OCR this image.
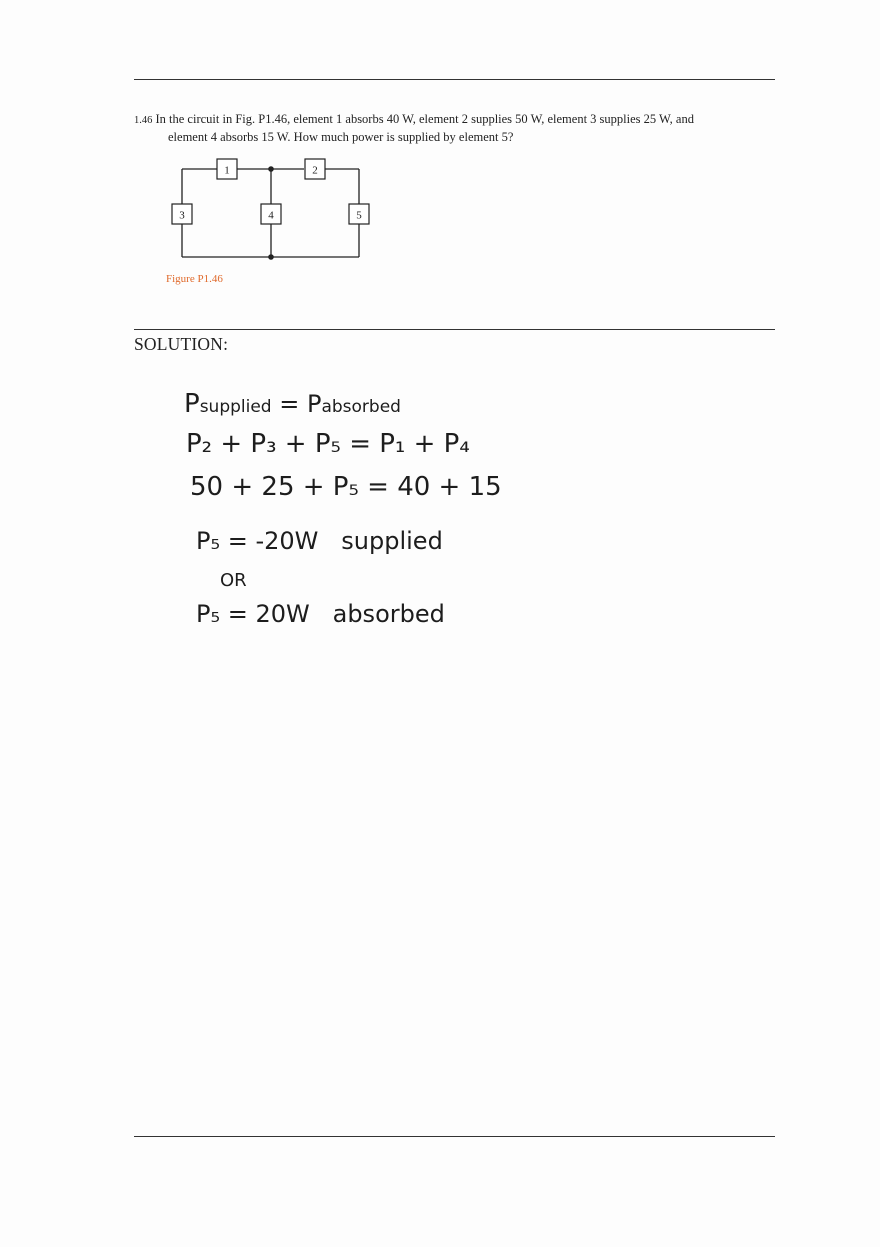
1.46 In the circuit in Fig. P1.46, element 1 absorbs 40 W, element 2 supplies 50 W, element 3 supplies 25 W, and
element 4 absorbs 15 W. How much power is supplied by element 5?
1	2
3	4	5
Figure P1.46
SOLUTION:
Psupplied = Pabsorbed
P₂ + P₃ + P₅ = P₁ + P₄
50 + 25 + P₅ = 40 + 15
P₅ = -20W   supplied
OR
P₅ = 20W   absorbed
